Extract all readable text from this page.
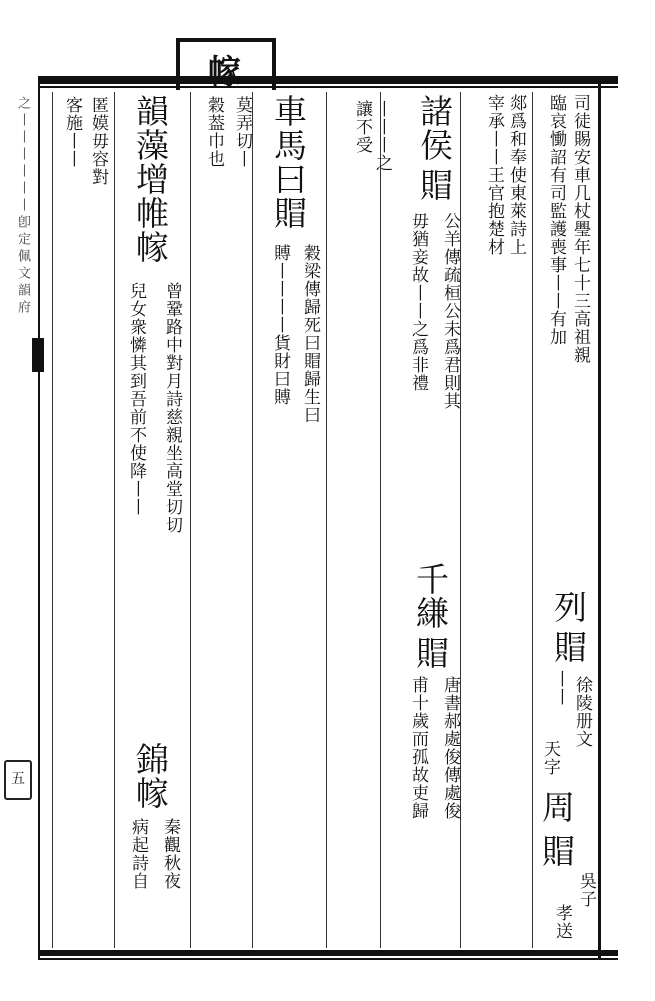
之丨丨丨丨丨丨卽定佩文韻府
五
司徒賜安車几杖璺年七十三高祖親
臨哀慟詔有司監護喪事丨丨有加
列
賵
丨丨 徐陵册文
天字
周
賵
吳子
孝送
郯爲和奉使東萊詩上
宰承丨丨王官抱楚材
諸侯
賵
公羊傳疏桓公未爲君則其
毋猶妾故丨丨之爲非禮
千縑
賵
唐書郝處俊傳處俊
甫十歲而孤故吏歸
讓不受 丨丨丨之
車馬曰賵
穀梁傳歸死曰賵歸生曰
賻丨丨丨丨貨財曰賻
幏
莫弄切丨
穀葢巾也
韻藻增帷幏
曾鞏路中對月詩慈親坐高堂切切
兒女衆憐其到吾前不使降丨丨
錦幏
秦觀秋夜
病起詩自
匿嫫毋容對
客施丨丨
